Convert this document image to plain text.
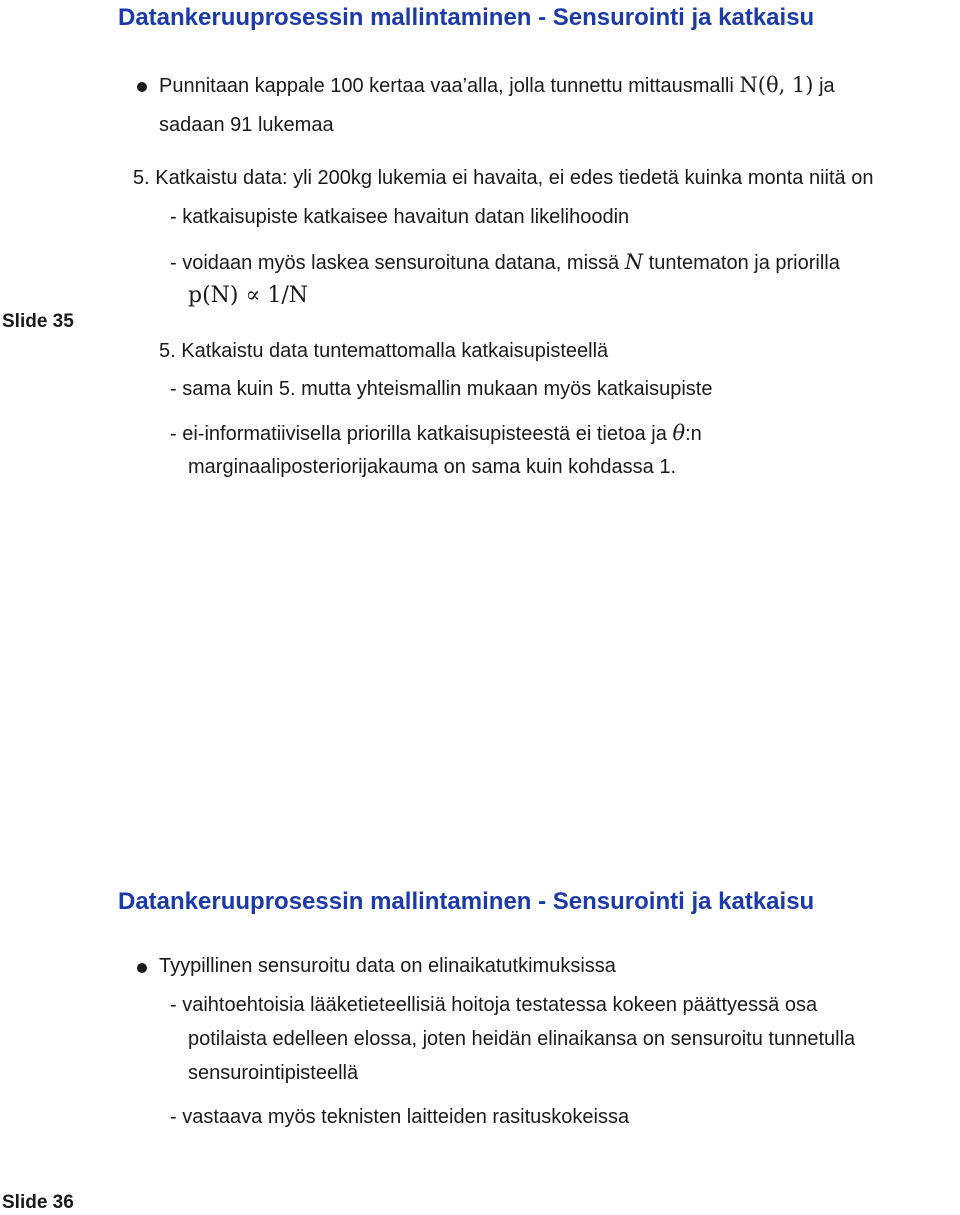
Datankeruuprosessin mallintaminen - Sensurointi ja katkaisu
Punnitaan kappale 100 kertaa vaa’alla, jolla tunnettu mittausmalli N(θ, 1) ja
sadaan 91 lukemaa
5. Katkaistu data: yli 200kg lukemia ei havaita, ei edes tiedetä kuinka monta niitä on
- katkaisupiste katkaisee havaitun datan likelihoodin
- voidaan myös laskea sensuroituna datana, missä N tuntematon ja priorilla
p(N) ∝ 1/N
Slide 35
5. Katkaistu data tuntemattomalla katkaisupisteellä
- sama kuin 5. mutta yhteismallin mukaan myös katkaisupiste
- ei-informatiivisella priorilla katkaisupisteestä ei tietoa ja θ:n
marginaaliposteriorijakauma on sama kuin kohdassa 1.
Datankeruuprosessin mallintaminen - Sensurointi ja katkaisu
Tyypillinen sensuroitu data on elinaikatutkimuksissa
- vaihtoehtoisia lääketieteellisiä hoitoja testatessa kokeen päättyessä osa
potilaista edelleen elossa, joten heidän elinaikansa on sensuroitu tunnetulla
sensurointipisteellä
- vastaava myös teknisten laitteiden rasituskokeissa
Slide 36
